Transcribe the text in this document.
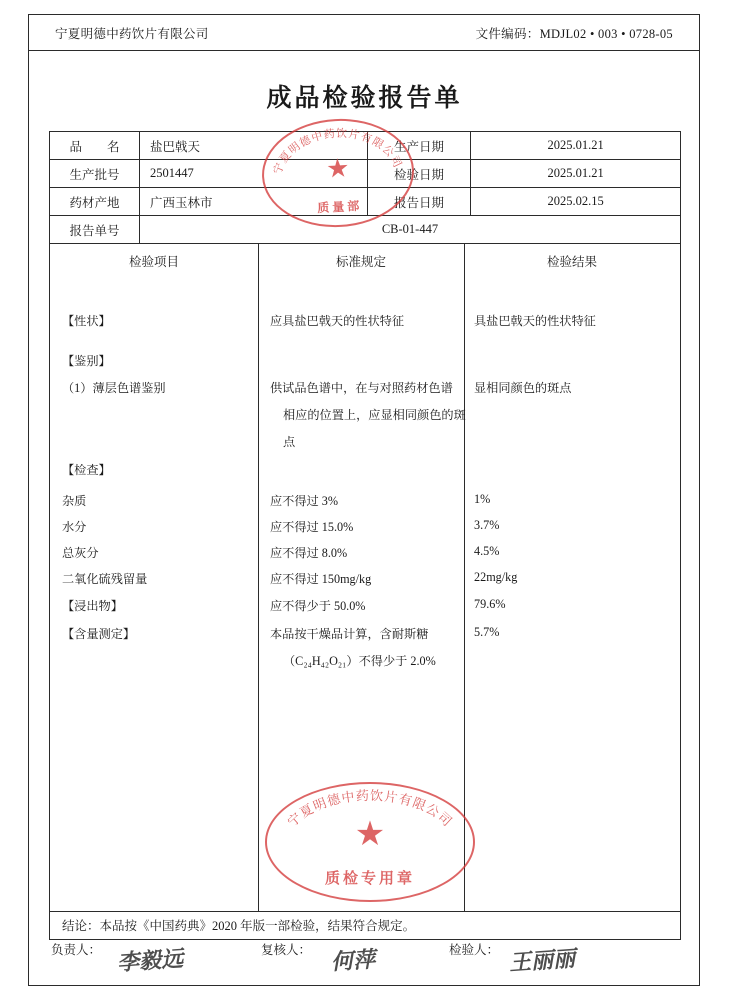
宁夏明德中药饮片有限公司	文件编码：MDJL02 • 003 • 0728-05
成品检验报告单
品　　名	盐巴戟天	生产日期	2025.01.21
生产批号	2501447	检验日期	2025.01.21
药材产地	广西玉林市	报告日期	2025.02.15
报告单号	CB-01-447		
检验项目	标准规定	检验结果
【性状】	应具盐巴戟天的性状特征	具盐巴戟天的性状特征
【鉴别】
（1）薄层色谱鉴别	供试品色谱中，在与对照药材色谱	显相同颜色的斑点
相应的位置上，应显相同颜色的斑
点
【检查】
杂质	应不得过 3%	1%
水分	应不得过 15.0%	3.7%
总灰分	应不得过 8.0%	4.5%
二氧化硫残留量	应不得过 150mg/kg	22mg/kg
【浸出物】	应不得少于 50.0%	79.6%
【含量测定】	本品按干燥品计算，含耐斯糖	5.7%
（C₂₄H₄₂O₂₁）不得少于 2.0%
结论：本品按《中国药典》2020 年版一部检验，结果符合规定。
负责人： 李毅远	复核人： 何萍	检验人： 王丽丽
宁夏明德中药饮片有限公司
★
质量部
宁夏明德中药饮片有限公司
★
质检专用章
